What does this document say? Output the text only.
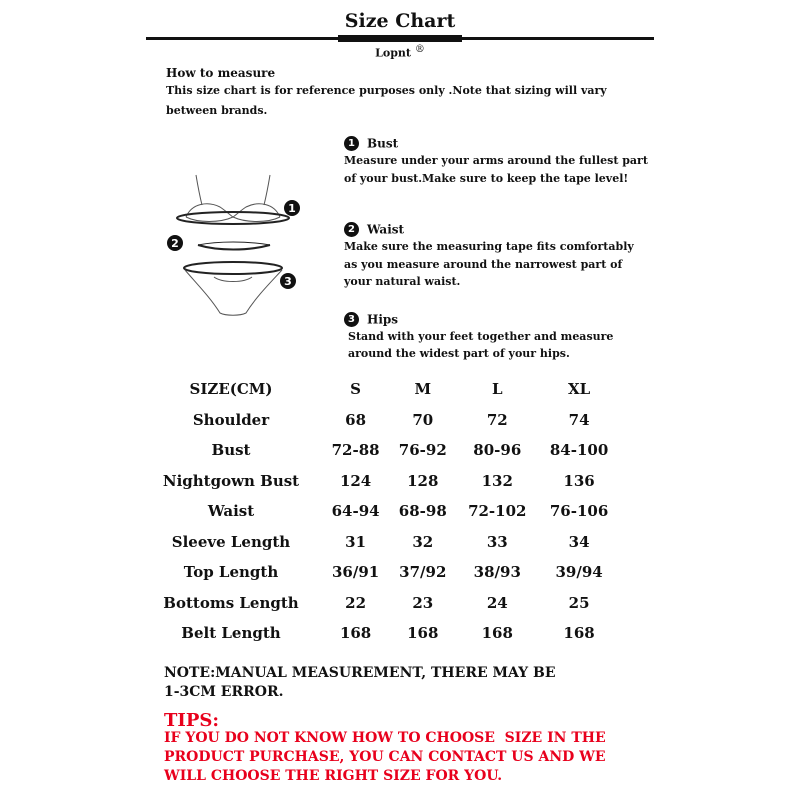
Size Chart
Lopnt ®
How to measure
This size chart is for reference purposes only .Note that sizing will vary
between brands.
1
2
3
1 Bust
Measure under your arms around the fullest part
of your bust.Make sure to keep the tape level!
2 Waist
Make sure the measuring tape fits comfortably
as you measure around the narrowest part of
your natural waist.
3 Hips
Stand with your feet together and measure
around the widest part of your hips.
SIZE(CM)	S	M	L	XL
Shoulder	68	70	72	74
Bust	72-88	76-92	80-96	84-100
Nightgown Bust	124	128	132	136
Waist	64-94	68-98	72-102	76-106
Sleeve Length	31	32	33	34
Top Length	36/91	37/92	38/93	39/94
Bottoms Length	22	23	24	25
Belt Length	168	168	168	168
NOTE:MANUAL MEASUREMENT, THERE MAY BE
1-3CM ERROR.
TIPS:
IF YOU DO NOT KNOW HOW TO CHOOSE  SIZE IN THE
PRODUCT PURCHASE, YOU CAN CONTACT US AND WE
WILL CHOOSE THE RIGHT SIZE FOR YOU.
